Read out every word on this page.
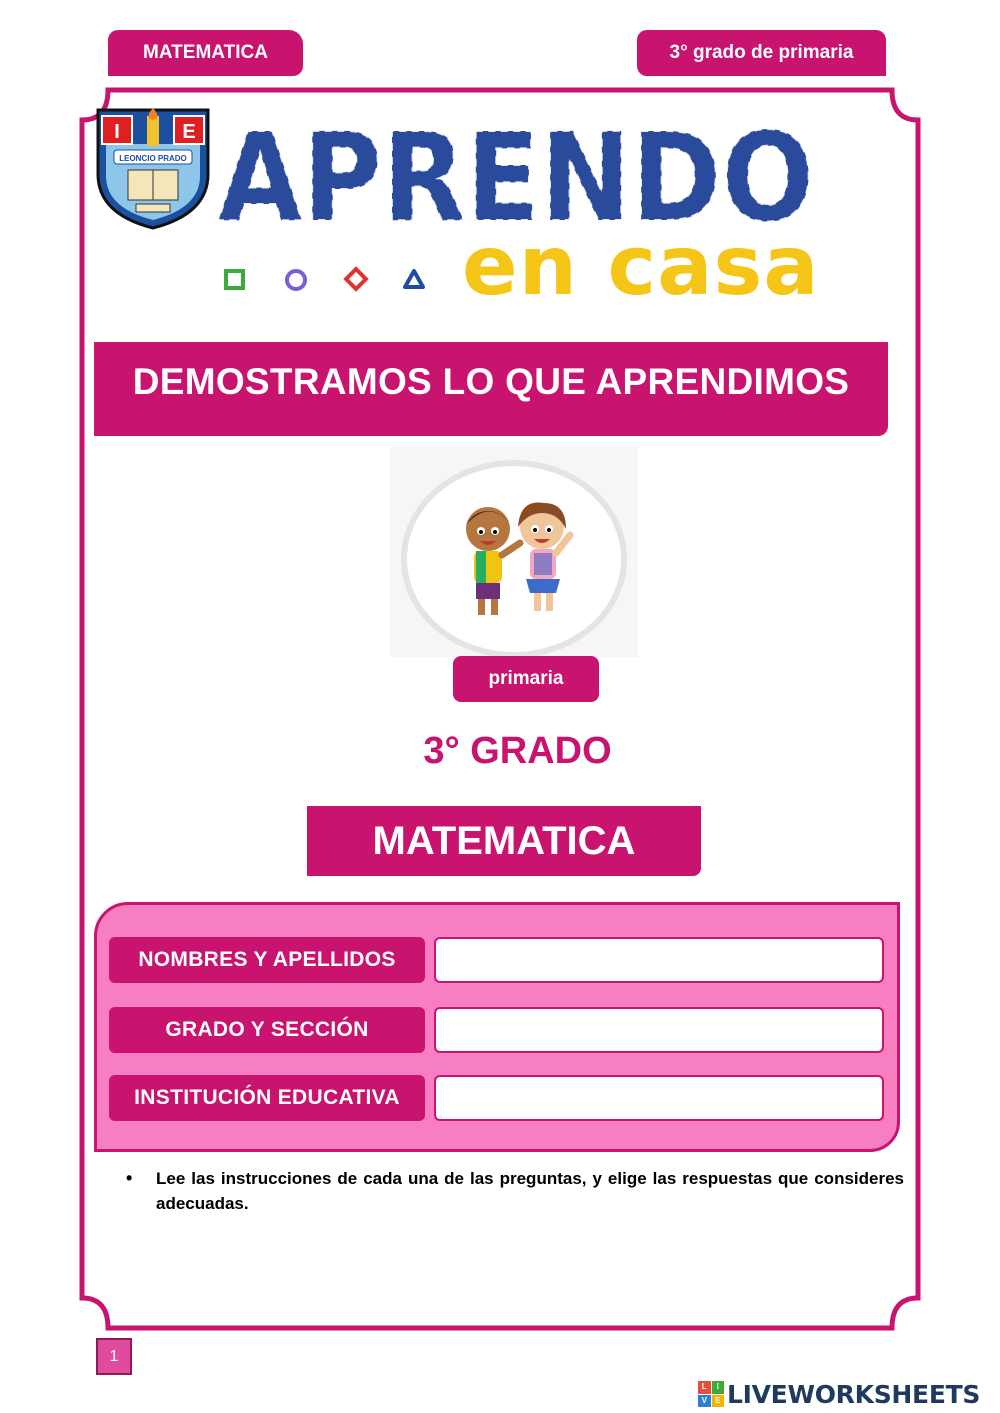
MATEMATICA	3° grado de primaria
I	E
LEONCIO PRADO APRENDO
APRENDO
en casa
DEMOSTRAMOS LO QUE APRENDIMOS
primaria
3° GRADO
MATEMATICA
NOMBRES Y APELLIDOS
GRADO Y SECCIÓN
INSTITUCIÓN EDUCATIVA
• Lee las instrucciones de cada una de las preguntas, y elige las respuestas que consideres adecuadas.
1
L	I
V	E LIVEWORKSHEETS
